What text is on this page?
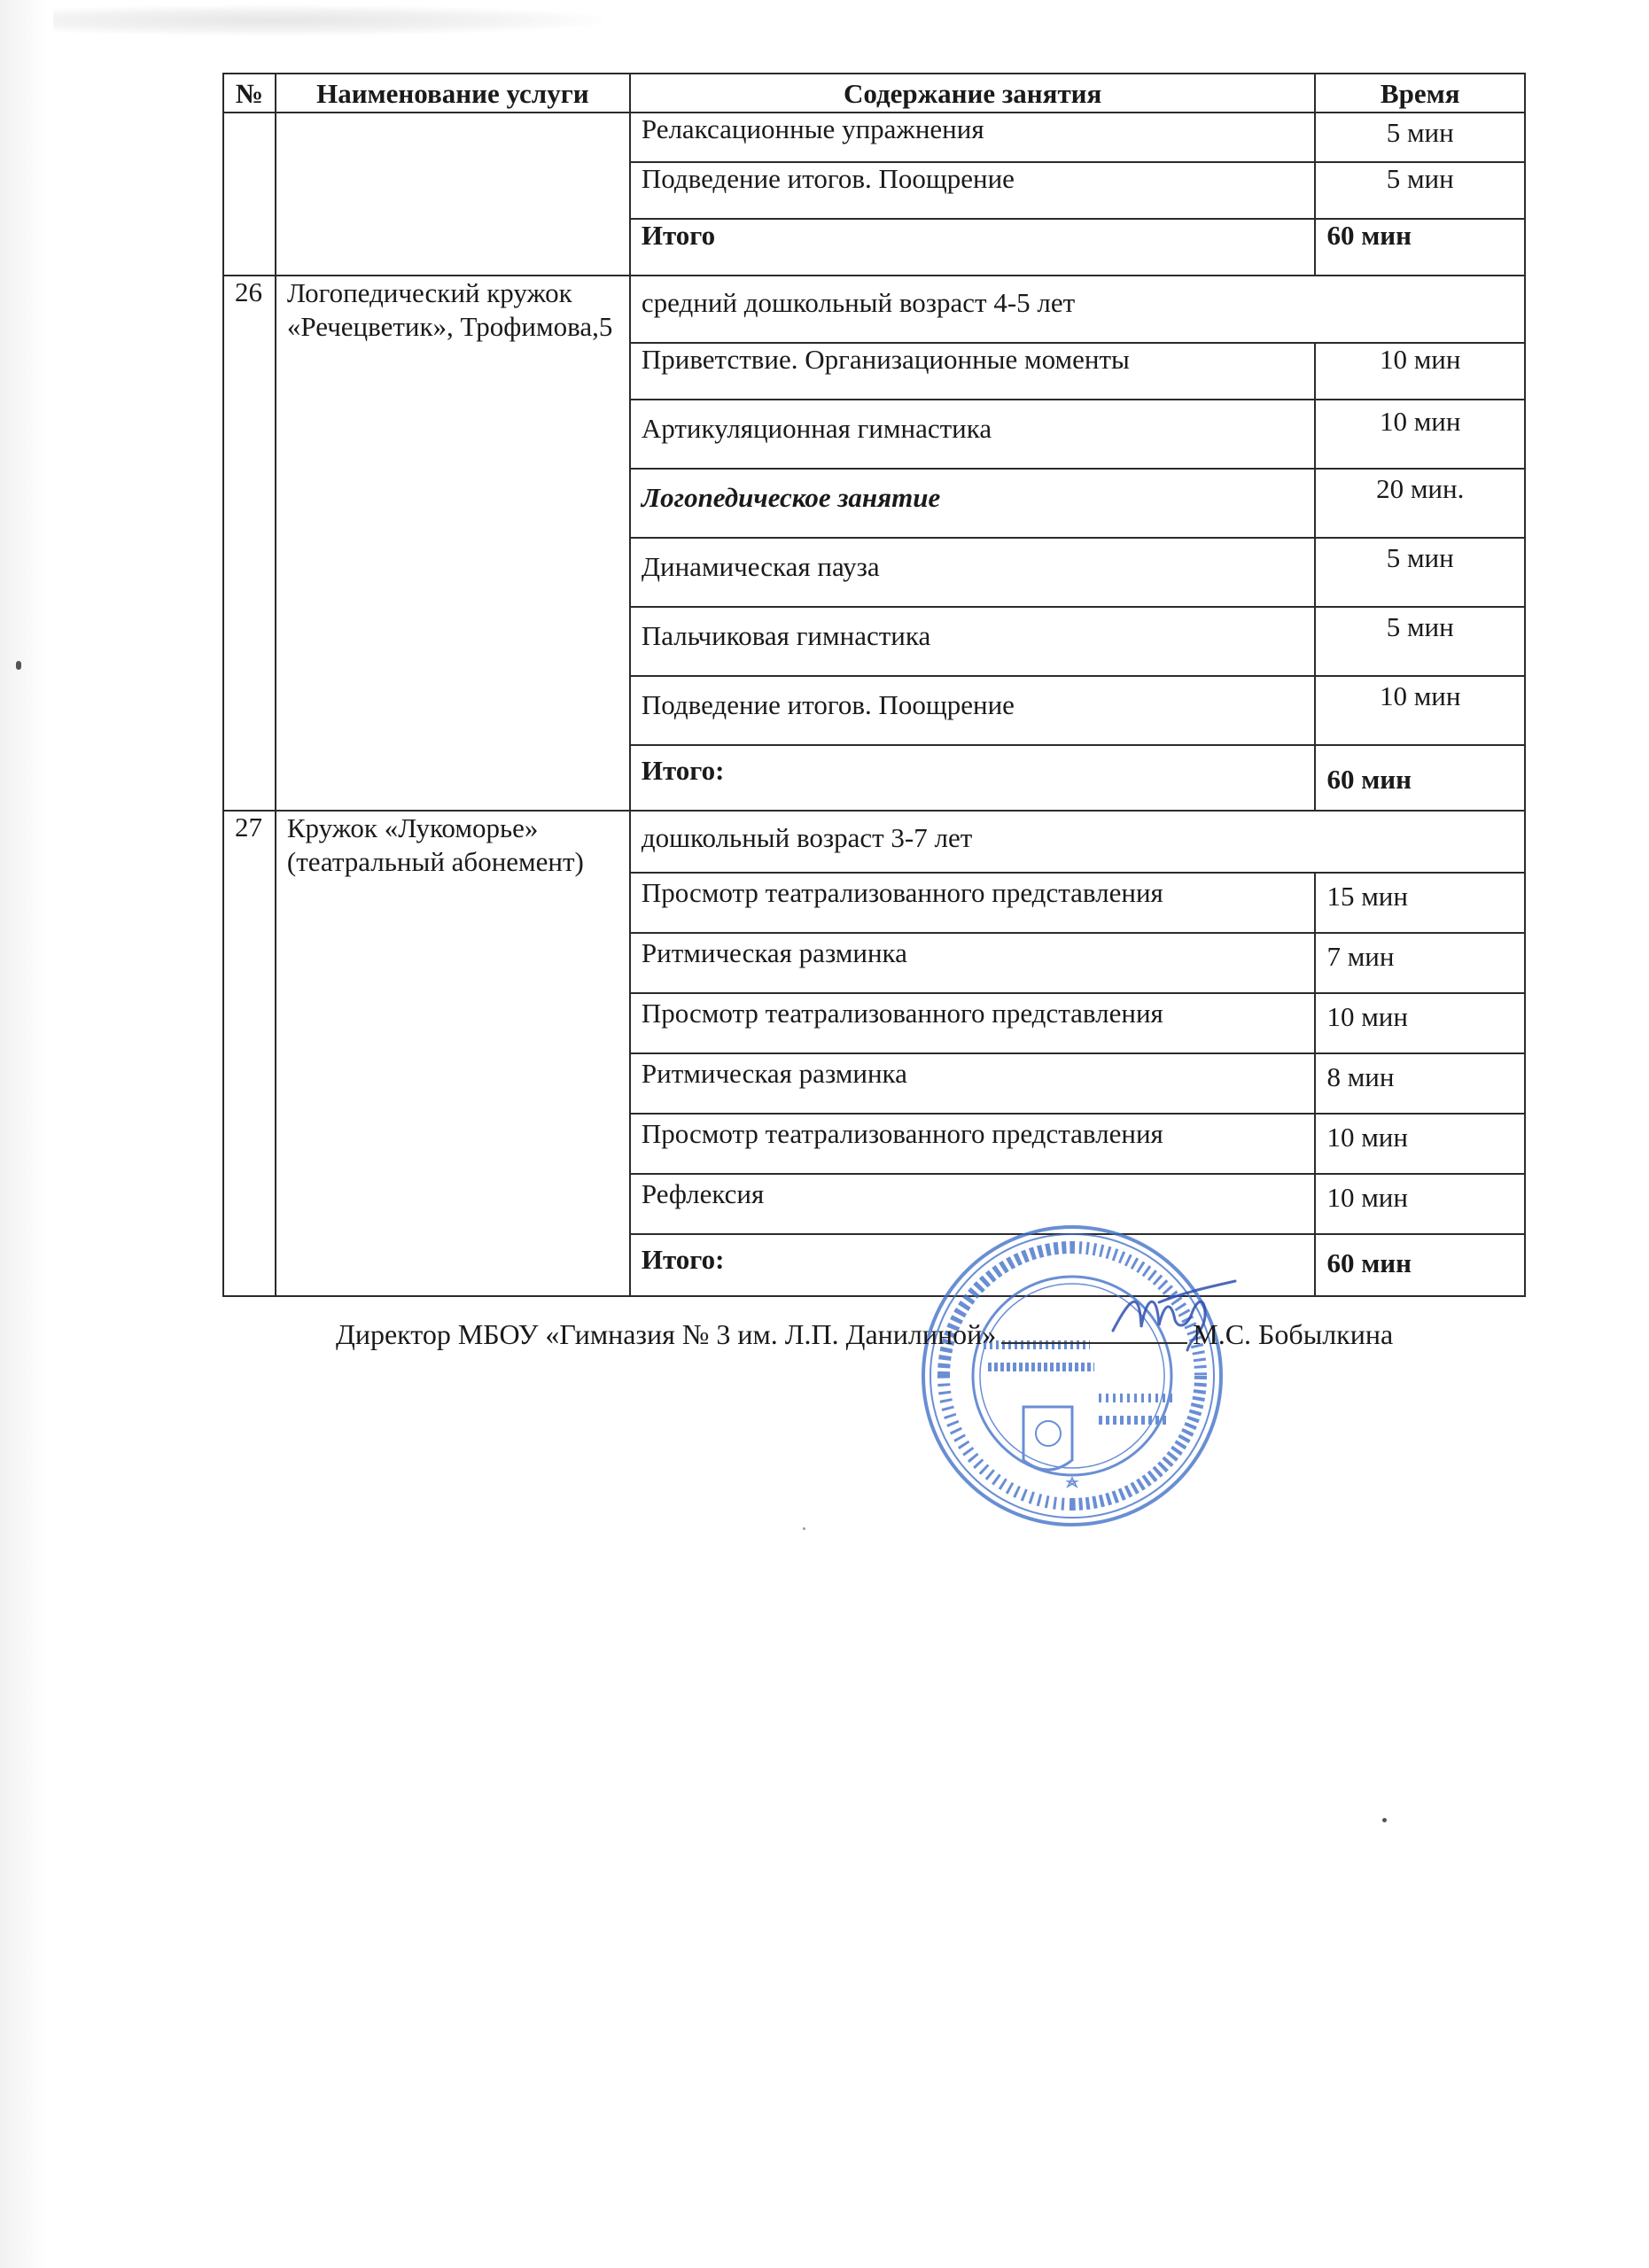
№	Наименование услуги	Содержание занятия	Время
		Релаксационные упражнения	5 мин
		Подведение итогов. Поощрение	5 мин
		Итого	60 мин
26	Логопедический кружок «Речецветик», Трофимова,5	средний дошкольный возраст 4-5 лет	
		Приветствие. Организационные моменты	10 мин
		Артикуляционная гимнастика	10 мин
		Логопедическое занятие	20 мин.
		Динамическая пауза	5 мин
		Пальчиковая гимнастика	5 мин
		Подведение итогов. Поощрение	10 мин
		Итого:	60 мин
27	Кружок «Лукоморье» (театральный абонемент)	дошкольный возраст 3-7 лет	
		Просмотр театрализованного представления	15 мин
		Ритмическая разминка	7 мин
		Просмотр театрализованного представления	10 мин
		Ритмическая разминка	8 мин
		Просмотр театрализованного представления	10 мин
		Рефлексия	10 мин
		Итого:	60 мин
Директор МБОУ «Гимназия № 3 им. Л.П. Данилиной»	М.С. Бобылкина
